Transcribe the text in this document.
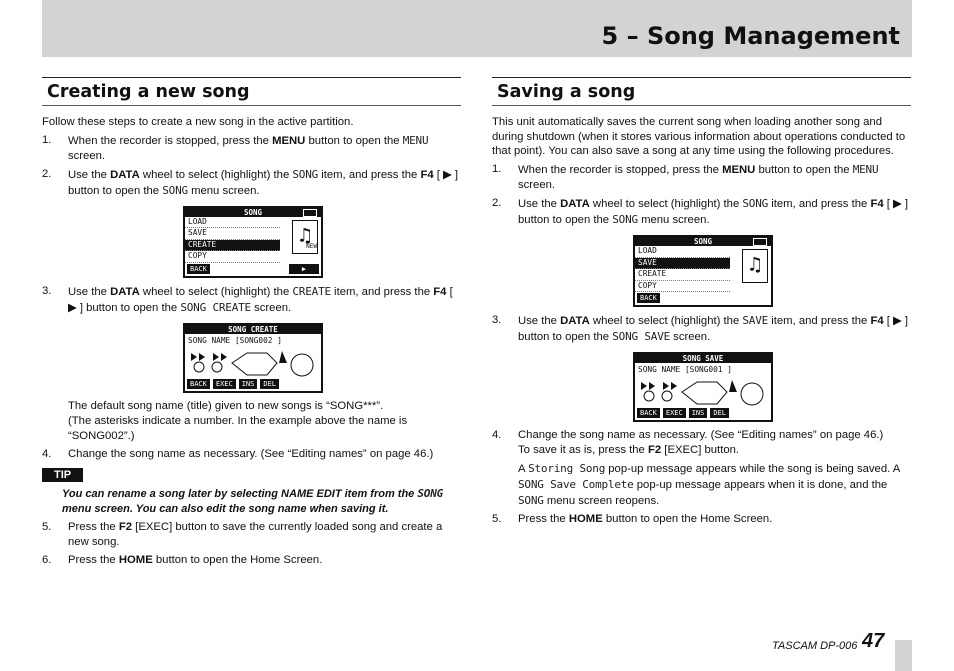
5 – Song Management
Creating a new song

Follow these steps to create a new song in the active partition.

1. When the recorder is stopped, press the MENU button to open the MENU screen.
2. Use the DATA wheel to select (highlight) the SONG item, and press the F4 [ ▶ ] button to open the SONG menu screen.
SONG
LOAD
SAVE
CREATE
COPY
♫
NEW
BACK	▶
3. Use the DATA wheel to select (highlight) the CREATE item, and press the F4 [ ▶ ] button to open the SONG CREATE screen.
SONG CREATE
SONG NAME [SONG002 ]
BACK EXEC INS DEL
The default song name (title) given to new songs is “SONG***”.
(The asterisks indicate a number. In the example above the name is “SONG002”.)
4. Change the song name as necessary. (See “Editing names” on page 46.)
TIP
You can rename a song later by selecting NAME EDIT item from the SONG menu screen. You can also edit the song name when saving it.
5. Press the F2 [EXEC] button to save the currently loaded song and create a new song.
6. Press the HOME button to open the Home Screen.
Saving a song

This unit automatically saves the current song when loading another song and during shutdown (when it stores various information about operations conducted to that point). You can also save a song at any time using the following procedures.

1. When the recorder is stopped, press the MENU button to open the MENU screen.
2. Use the DATA wheel to select (highlight) the SONG item, and press the F4 [ ▶ ] button to open the SONG menu screen.
SONG
LOAD
SAVE
CREATE
COPY
♫
BACK
3. Use the DATA wheel to select (highlight) the SAVE item, and press the F4 [ ▶ ] button to open the SONG SAVE screen.
SONG SAVE
SONG NAME [SONG001 ]
BACK EXEC INS DEL
4. Change the song name as necessary. (See “Editing names” on page 46.)
To save it as is, press the F2 [EXEC] button.
A Storing Song pop-up message appears while the song is being saved. A SONG Save Complete pop-up message appears when it is done, and the SONG menu screen reopens.
5. Press the HOME button to open the Home Screen.
TASCAM DP-006 47
